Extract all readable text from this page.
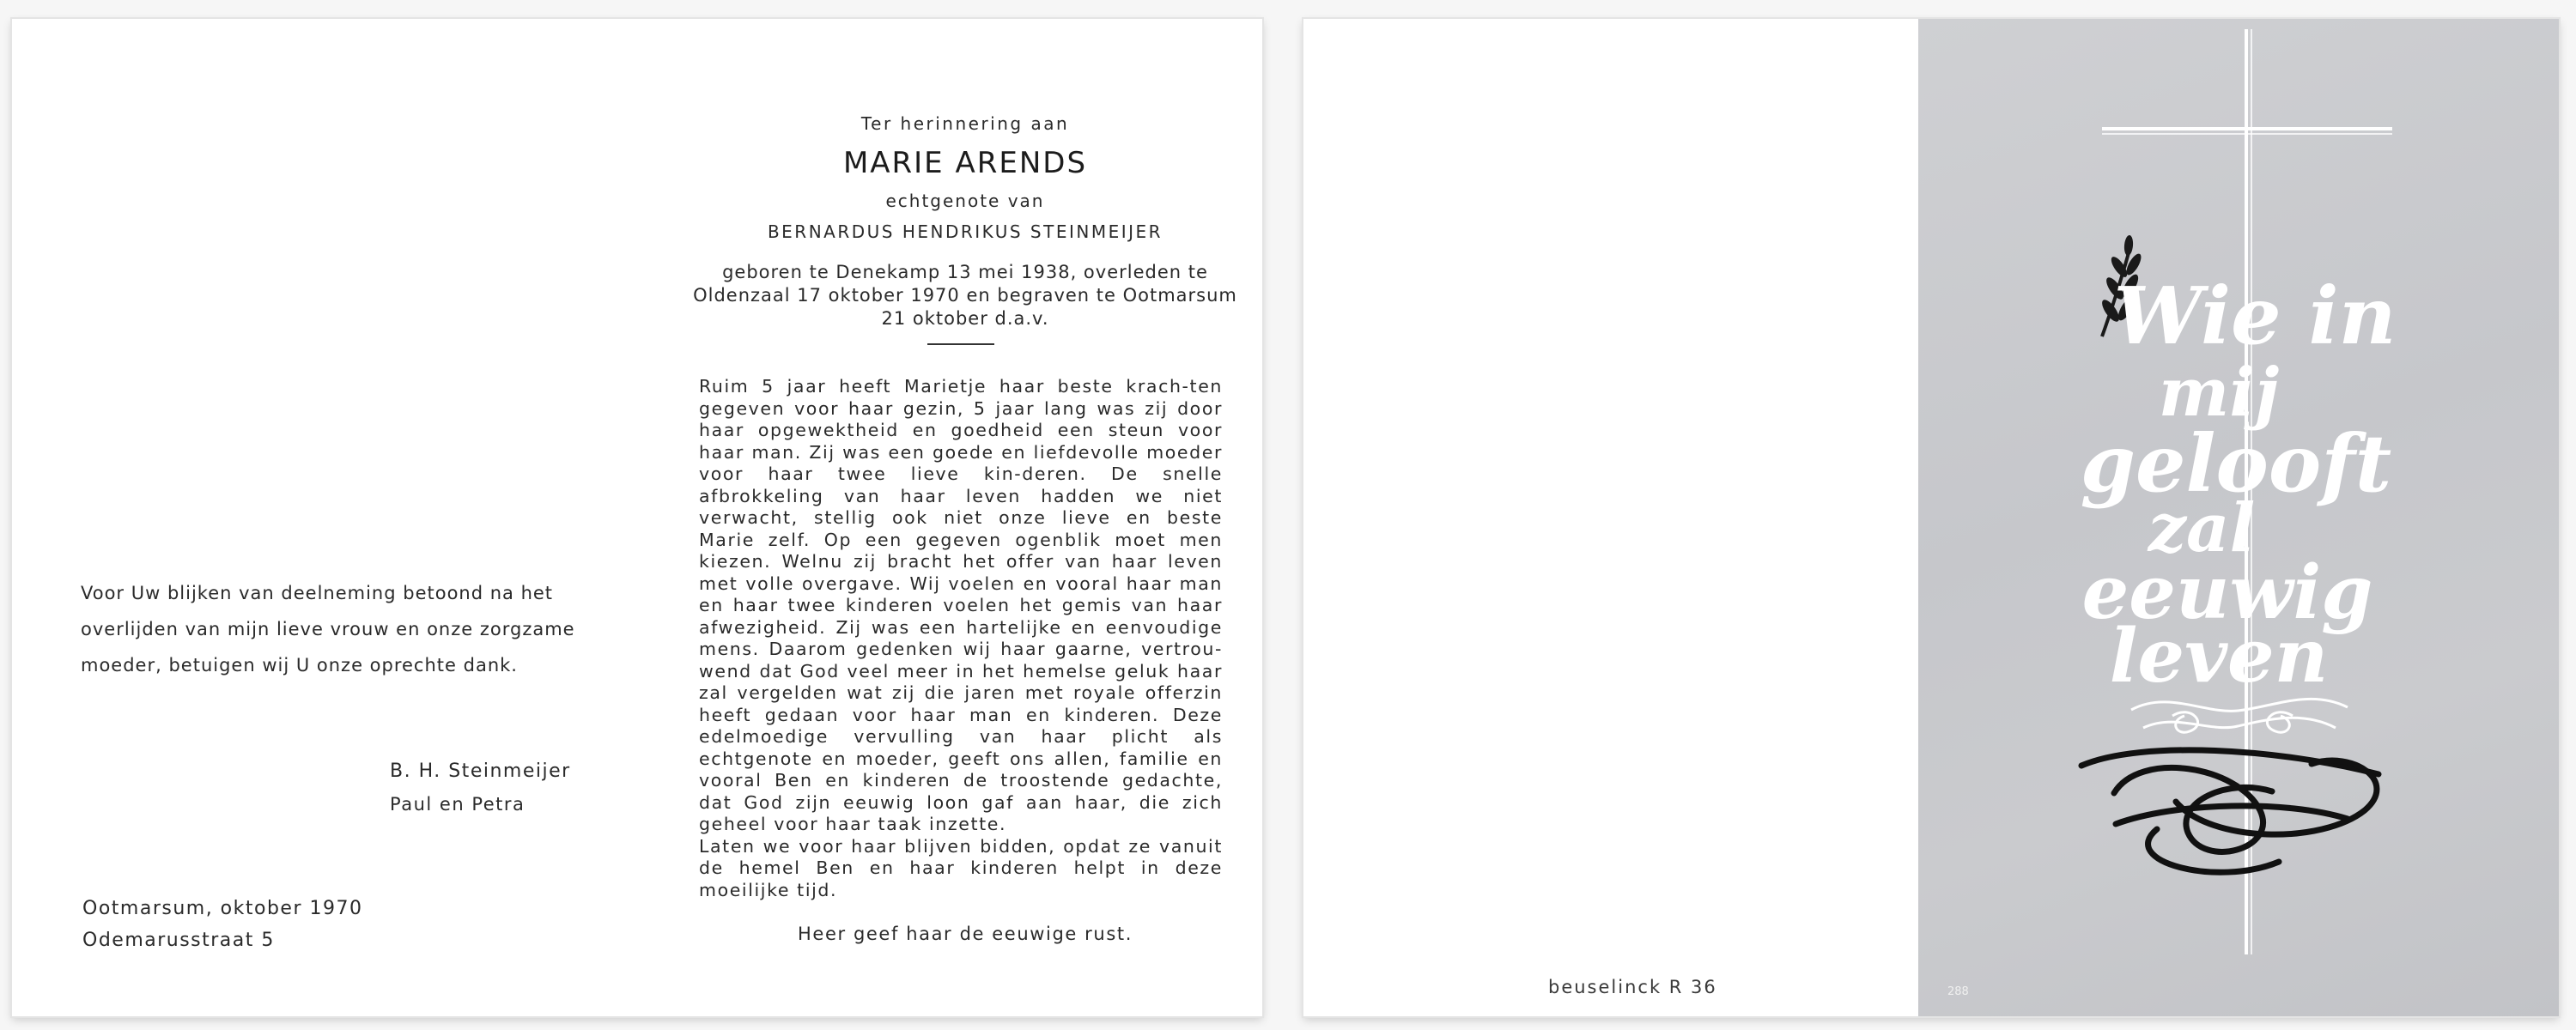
Voor Uw blijken van deelneming betoond na het overlijden van mijn lieve vrouw en onze zorgzame moeder, betuigen wij U onze oprechte dank.
B. H. Steinmeijer
Paul en Petra
Ootmarsum, oktober 1970
Odemarusstraat 5
Ter herinnering aan
MARIE ARENDS
echtgenote van
BERNARDUS HENDRIKUS STEINMEIJER
geboren te Denekamp 13 mei 1938, overleden te Oldenzaal 17 oktober 1970 en begraven te Ootmarsum 21 oktober d.a.v.
Ruim 5 jaar heeft Marietje haar beste krach-ten gegeven voor haar gezin, 5 jaar lang was zij door haar opgewektheid en goedheid een steun voor haar man. Zij was een goede en liefdevolle moeder voor haar twee lieve kin-deren. De snelle afbrokkeling van haar leven hadden we niet verwacht, stellig ook niet onze lieve en beste Marie zelf. Op een gegeven ogenblik moet men kiezen. Welnu zij bracht het offer van haar leven met volle overgave. Wij voelen en vooral haar man en haar twee kinderen voelen het gemis van haar afwezigheid. Zij was een hartelijke en eenvoudige mens. Daarom gedenken wij haar gaarne, vertrou-wend dat God veel meer in het hemelse geluk haar zal vergelden wat zij die jaren met royale offerzin heeft gedaan voor haar man en kinderen. Deze edelmoedige vervulling van haar plicht als echtgenote en moeder, geeft ons allen, familie en vooral Ben en kinderen de troostende gedachte, dat God zijn eeuwig loon gaf aan haar, die zich geheel voor haar taak inzette.
Laten we voor haar blijven bidden, opdat ze vanuit de hemel Ben en haar kinderen helpt in deze moeilijke tijd.
Heer geef haar de eeuwige rust.
beuselinck R 36
Wie in
mij
gelooft
zal
eeuwig
leven
288
